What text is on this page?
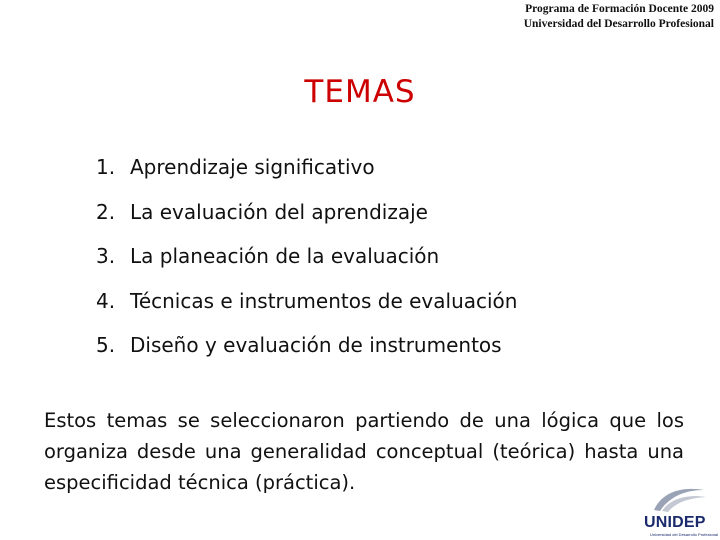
Programa de Formación Docente 2009
Universidad del Desarrollo Profesional
TEMAS
1. Aprendizaje significativo
2. La evaluación del aprendizaje
3. La planeación de la evaluación
4. Técnicas e instrumentos de evaluación
5. Diseño y evaluación de instrumentos

Estos temas se seleccionaron partiendo de una lógica que los organiza desde una generalidad conceptual (teórica) hasta una especificidad técnica (práctica).

UNIDEP
Universidad del Desarrollo Profesional
